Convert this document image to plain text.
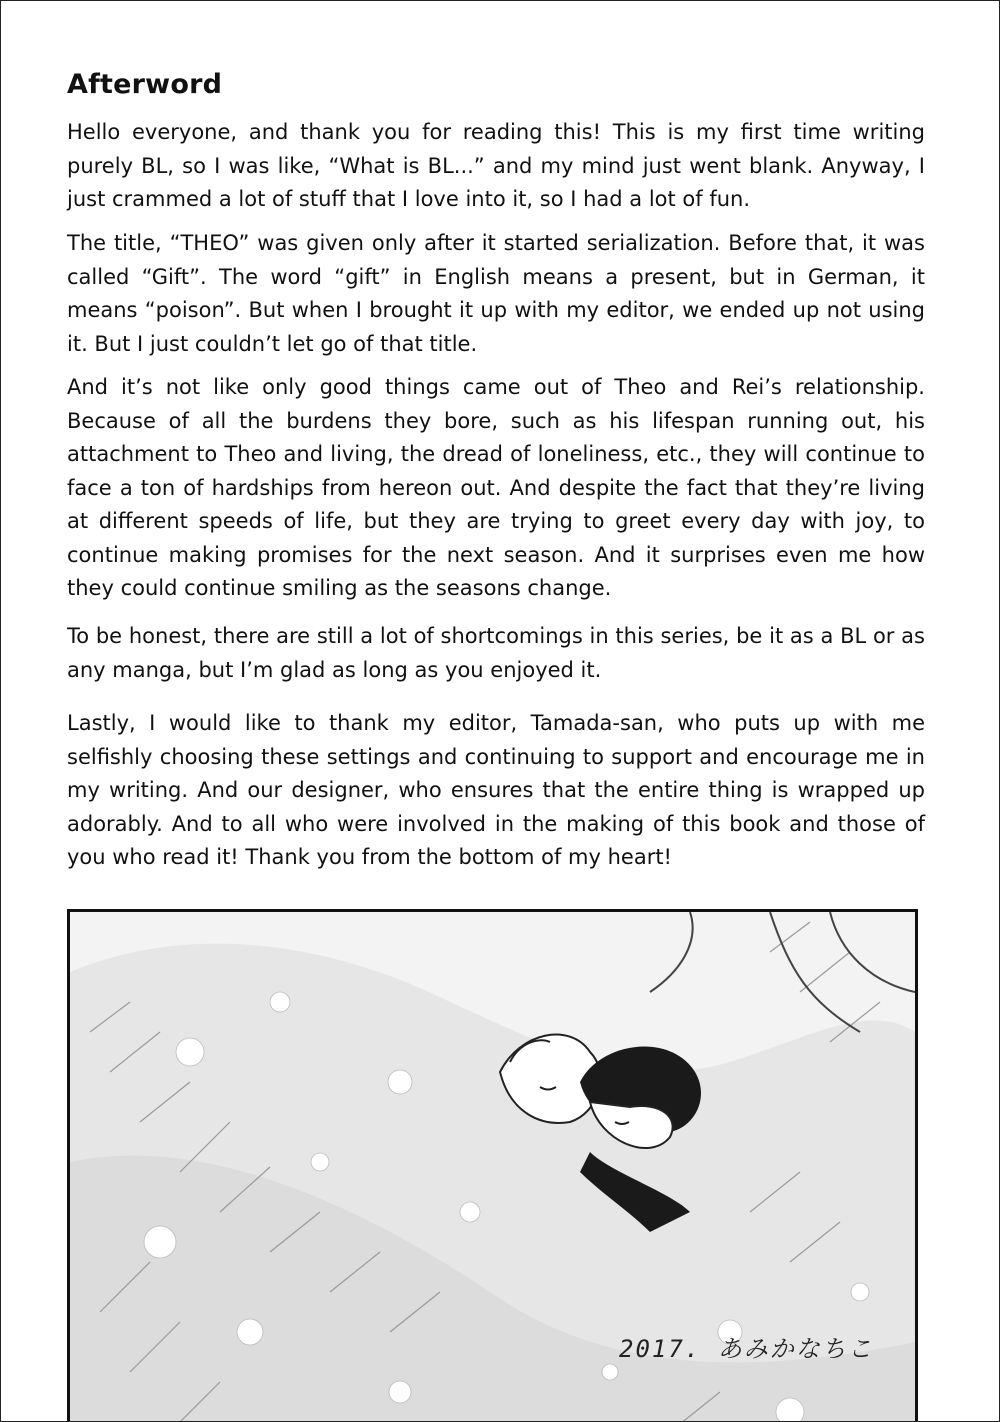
Afterword
Hello everyone, and thank you for reading this! This is my first time writing purely BL, so I was like, “What is BL...” and my mind just went blank. Anyway, I just crammed a lot of stuff that I love into it, so I had a lot of fun.
The title, “THEO” was given only after it started serialization. Before that, it was called “Gift”. The word “gift” in English means a present, but in German, it means “poison”. But when I brought it up with my editor, we ended up not using it. But I just couldn’t let go of that title.
And it’s not like only good things came out of Theo and Rei’s relationship. Because of all the burdens they bore, such as his lifespan running out, his attachment to Theo and living, the dread of loneliness, etc., they will continue to face a ton of hardships from hereon out. And despite the fact that they’re living at different speeds of life, but they are trying to greet every day with joy, to continue making promises for the next season. And it surprises even me how they could continue smiling as the seasons change.
To be honest, there are still a lot of shortcomings in this series, be it as a BL or as any manga, but I’m glad as long as you enjoyed it.
Lastly, I would like to thank my editor, Tamada-san, who puts up with me selfishly choosing these settings and continuing to support and encourage me in my writing. And our designer, who ensures that the entire thing is wrapped up adorably. And to all who were involved in the making of this book and those of you who read it! Thank you from the bottom of my heart!
2017. あみかなちこ
